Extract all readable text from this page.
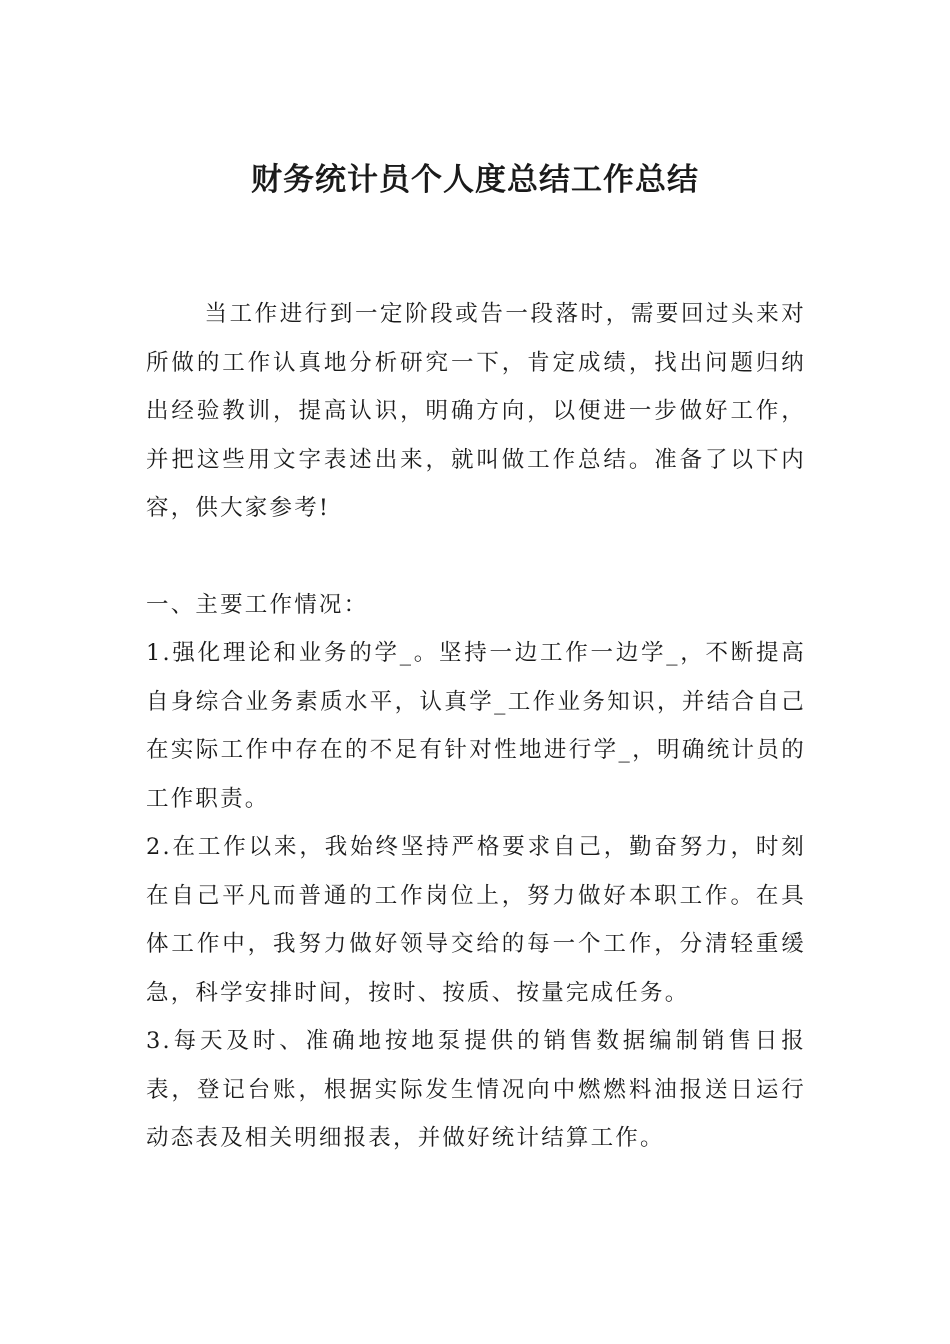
财务统计员个人度总结工作总结

当工作进行到一定阶段或告一段落时，需要回过头来对所做的工作认真地分析研究一下，肯定成绩，找出问题归纳出经验教训，提高认识，明确方向，以便进一步做好工作，并把这些用文字表述出来，就叫做工作总结。准备了以下内容，供大家参考!

一、主要工作情况：

1.强化理论和业务的学_。坚持一边工作一边学_，不断提高自身综合业务素质水平，认真学_工作业务知识，并结合自己在实际工作中存在的不足有针对性地进行学_，明确统计员的工作职责。

2.在工作以来，我始终坚持严格要求自己，勤奋努力，时刻在自己平凡而普通的工作岗位上，努力做好本职工作。在具体工作中，我努力做好领导交给的每一个工作，分清轻重缓急，科学安排时间，按时、按质、按量完成任务。

3.每天及时、准确地按地泵提供的销售数据编制销售日报表，登记台账，根据实际发生情况向中燃燃料油报送日运行动态表及相关明细报表，并做好统计结算工作。
